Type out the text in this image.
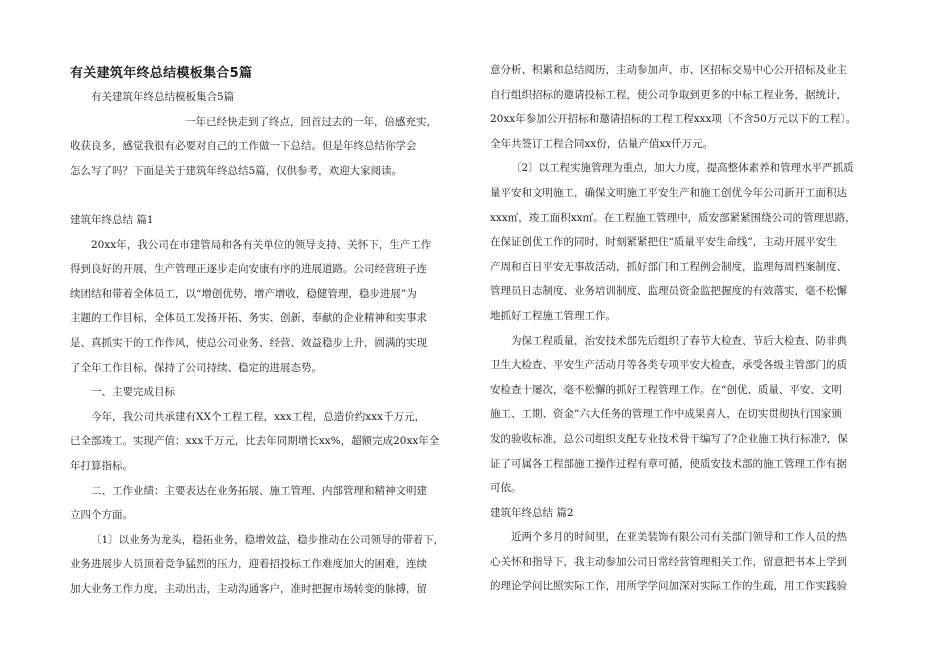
有关建筑年终总结模板集合5篇
有关建筑年终总结模板集合5篇
一年已经快走到了终点，回首过去的一年，倍感充实，
收获良多，感觉我很有必要对自己的工作做一下总结。但是年终总结你学会
怎么写了吗？下面是关于建筑年终总结5篇，仅供参考，欢迎大家阅读。
建筑年终总结 篇1
20xx年，我公司在市建管局和各有关单位的领导支持、关怀下，生产工作
得到良好的开展，生产管理正逐步走向安康有序的进展道路。公司经营班子连
续团结和带着全体员工，以“增创优势，增产增收，稳健管理，稳步进展”为
主题的工作目标，全体员工发扬开拓、务实、创新、奉献的企业精神和实事求
是、真抓实干的工作作风，使总公司业务、经营、效益稳步上升，圆满的实现
了全年工作目标，保持了公司持续、稳定的进展态势。
一、主要完成目标
今年，我公司共承建有XX个工程工程，xxx工程，总造价约xxx千万元，
已全部竣工。实现产值：xxx千万元，比去年同期增长xx%，超额完成20xx年全
年打算指标。
二、工作业绩：主要表达在业务拓展、施工管理、内部管理和精神文明建
立四个方面。
〔1〕以业务为龙头，稳拓业务，稳增效益，稳步推动在公司领导的带着下，
业务进展步人员顶着竞争猛烈的压力，迎着招投标工作难度加大的困难，连续
加大业务工作力度，主动出击，主动沟通客户，准时把握市场转变的脉搏，留
意分析、积累和总结阅历，主动参加声、市、区招标交易中心公开招标及业主
自行组织招标的邀请投标工程，使公司争取到更多的中标工程业务，据统计，
20xx年参加公开招标和邀请招标的工程工程xxx项〔不含50万元以下的工程〕。
全年共签订工程合同xx份，估量产值xx仟万元。
〔2〕以工程实施管理为重点，加大力度，提高整体素养和管理水平严抓质
量平安和文明施工，确保文明施工平安生产和施工创优今年公司新开工面积达
xxx㎡，竣工面积xx㎡。在工程施工管理中，质安部紧紧围绕公司的管理思路，
在保证创优工作的同时，时刻紧紧把住“质量平安生命线”，主动开展平安生
产周和百日平安无事故活动，抓好部门和工程例会制度，监理每周档案制度、
管理员日志制度、业务培训制度、监理员资金监把握度的有效落实，毫不松懈
地抓好工程施工管理工作。
为保工程质量，治安技术部先后组织了春节大检查、节后大检查、防非典
卫生大检查、平安生产活动月等各类专项平安大检查，承受各级主管部门的质
安检查十屡次，毫不松懈的抓好工程管理工作。在“创优、质量、平安、文明
施工、工期、资金”六大任务的管理工作中成果喜人，在切实贯彻执行国家颁
发的验收标准，总公司组织支配专业技术骨干编写了?企业施工执行标准?，保
证了可属各工程部施工操作过程有章可循，使质安技术部的施工管理工作有据
可依。
建筑年终总结 篇2
近两个多月的时间里，在亚美装饰有限公司有关部门领导和工作人员的热
心关怀和指导下，我主动参加公司日常经营管理相关工作，留意把书本上学到
的理论学问比照实际工作，用所学学问加深对实际工作的生疏，用工作实践验
